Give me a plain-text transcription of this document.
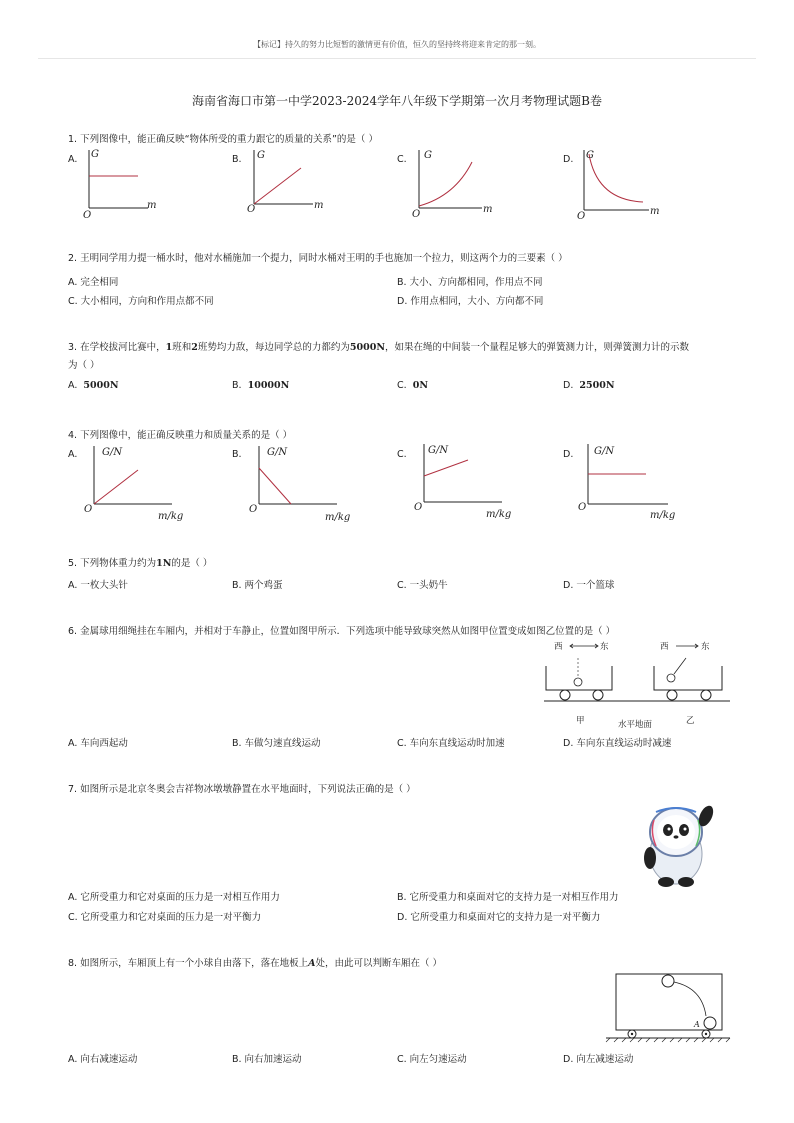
【标记】持久的努力比短暂的激情更有价值，恒久的坚持终将迎来肯定的那一刻。
海南省海口市第一中学2023-2024学年八年级下学期第一次月考物理试题B卷
1. 下列图像中，能正确反映“物体所受的重力跟它的质量的关系”的是（ ）
A.	B.	C.	D.
G
m
O
G
m
O
G
m
O
G
m
O
2. 王明同学用力提一桶水时，他对水桶施加一个提力，同时水桶对王明的手也施加一个拉力，则这两个力的三要素（ ）
A. 完全相同	B. 大小、方向都相同，作用点不同
C. 大小相同，方向和作用点都不同	D. 作用点相同，大小、方向都不同
3. 在学校拔河比赛中，1班和2班势均力敌，每边同学总的力都约为5000N，如果在绳的中间装一个量程足够大的弹簧测力计，则弹簧测力计的示数
为（ ）
A. 5000N	B. 10000N	C. 0N	D. 2500N
4. 下列图像中，能正确反映重力和质量关系的是（ ）
A.	B.	C.	D.
G/N
m/kg
O
G/N
m/kg
O
G/N
m/kg
O
G/N
m/kg
O
5. 下列物体重力约为1N的是（ ）
A. 一枚大头针	B. 两个鸡蛋	C. 一头奶牛	D. 一个篮球
6. 金属球用细绳挂在车厢内，并相对于车静止，位置如图甲所示．下列选项中能导致球突然从如图甲位置变成如图乙位置的是（ ）
西	东	西	东
甲	水平地面	乙
A. 车向西起动	B. 车做匀速直线运动	C. 车向东直线运动时加速	D. 车向东直线运动时减速
7. 如图所示是北京冬奥会吉祥物冰墩墩静置在水平地面时，下列说法正确的是（ ）
A. 它所受重力和它对桌面的压力是一对相互作用力	B. 它所受重力和桌面对它的支持力是一对相互作用力
C. 它所受重力和它对桌面的压力是一对平衡力	D. 它所受重力和桌面对它的支持力是一对平衡力
8. 如图所示，车厢顶上有一个小球自由落下，落在地板上A处，由此可以判断车厢在（ ）
A
A. 向右减速运动	B. 向右加速运动	C. 向左匀速运动	D. 向左减速运动
